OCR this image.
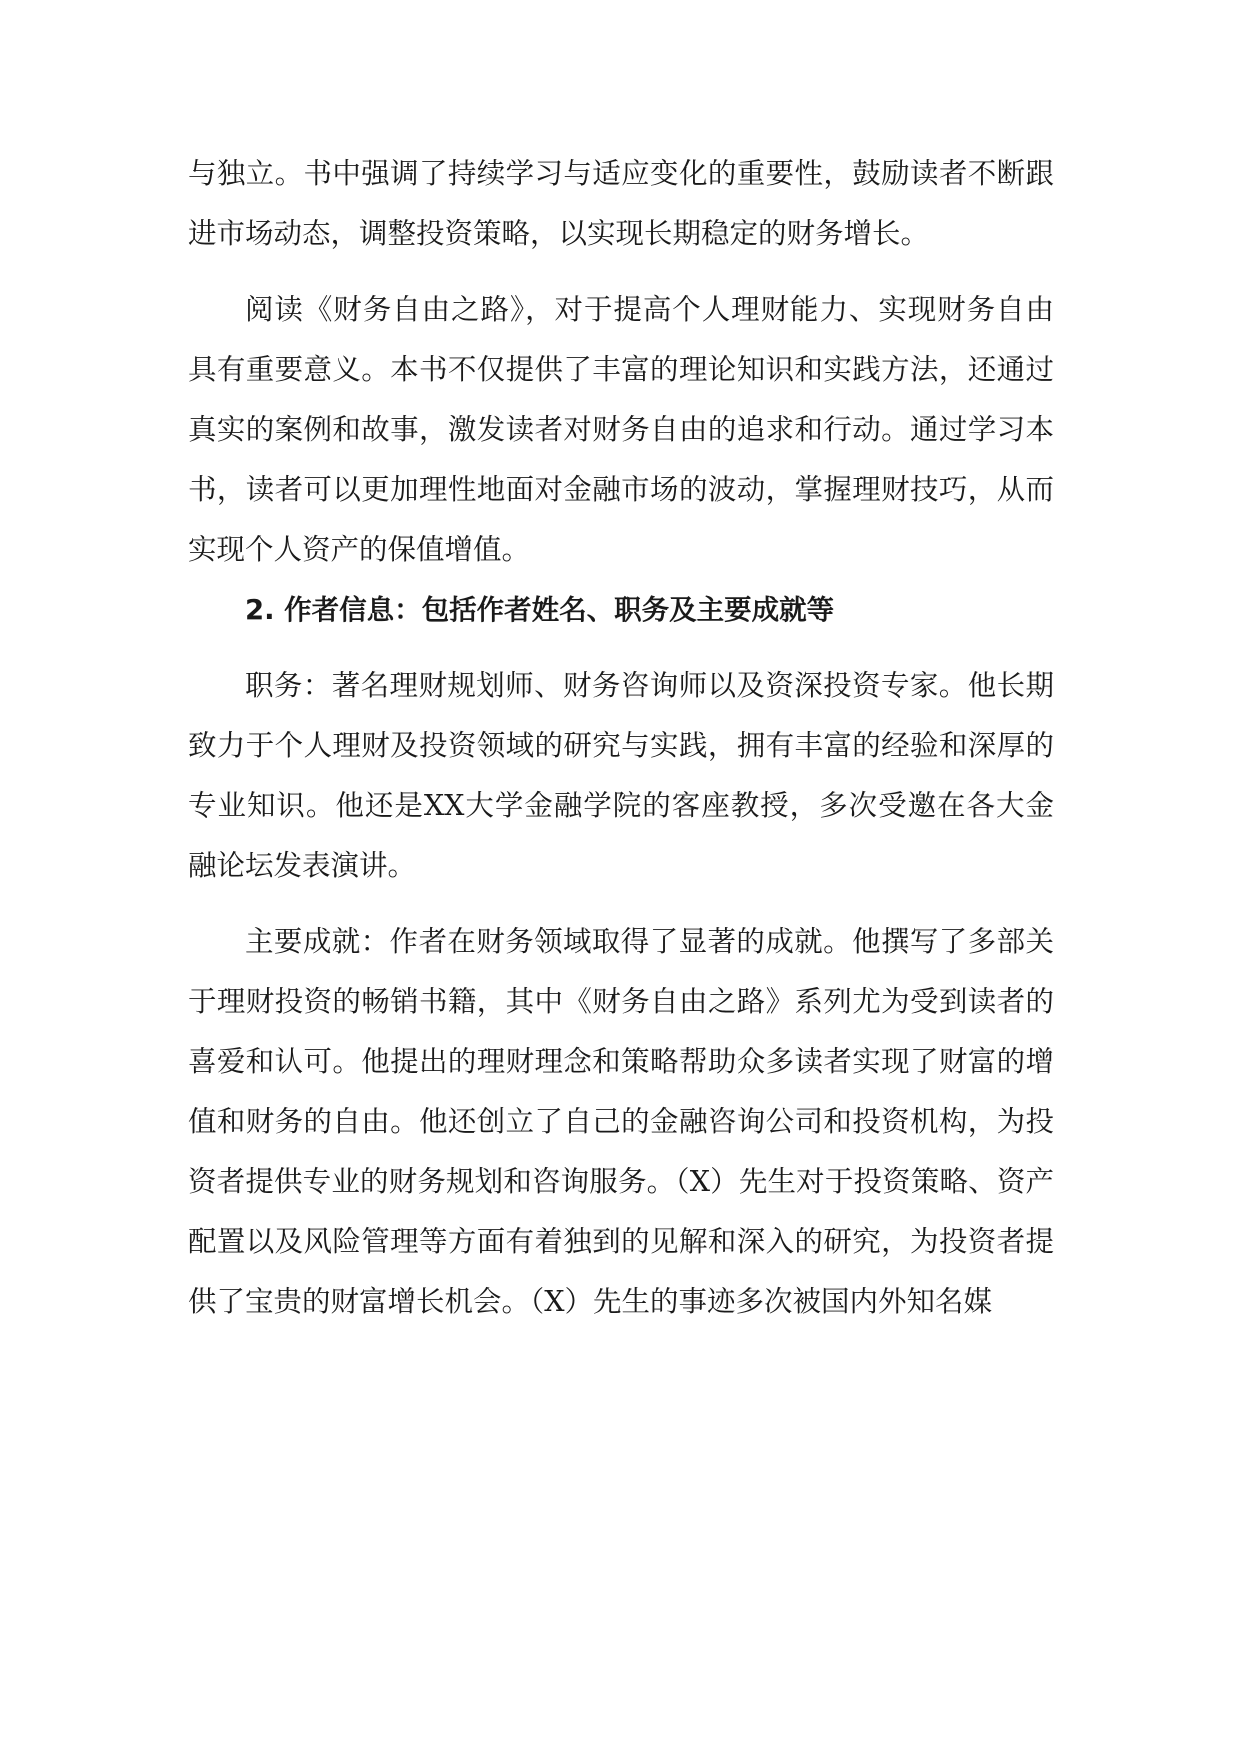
与独立。书中强调了持续学习与适应变化的重要性，鼓励读者不断跟进市场动态，调整投资策略，以实现长期稳定的财务增长。

阅读《财务自由之路》，对于提高个人理财能力、实现财务自由具有重要意义。本书不仅提供了丰富的理论知识和实践方法，还通过真实的案例和故事，激发读者对财务自由的追求和行动。通过学习本书，读者可以更加理性地面对金融市场的波动，掌握理财技巧，从而实现个人资产的保值增值。

2. 作者信息：包括作者姓名、职务及主要成就等

职务：著名理财规划师、财务咨询师以及资深投资专家。他长期致力于个人理财及投资领域的研究与实践，拥有丰富的经验和深厚的专业知识。他还是XX大学金融学院的客座教授，多次受邀在各大金融论坛发表演讲。

主要成就：作者在财务领域取得了显著的成就。他撰写了多部关于理财投资的畅销书籍，其中《财务自由之路》系列尤为受到读者的喜爱和认可。他提出的理财理念和策略帮助众多读者实现了财富的增值和财务的自由。他还创立了自己的金融咨询公司和投资机构，为投资者提供专业的财务规划和咨询服务。（X）先生对于投资策略、资产配置以及风险管理等方面有着独到的见解和深入的研究，为投资者提供了宝贵的财富增长机会。（X）先生的事迹多次被国内外知名媒
